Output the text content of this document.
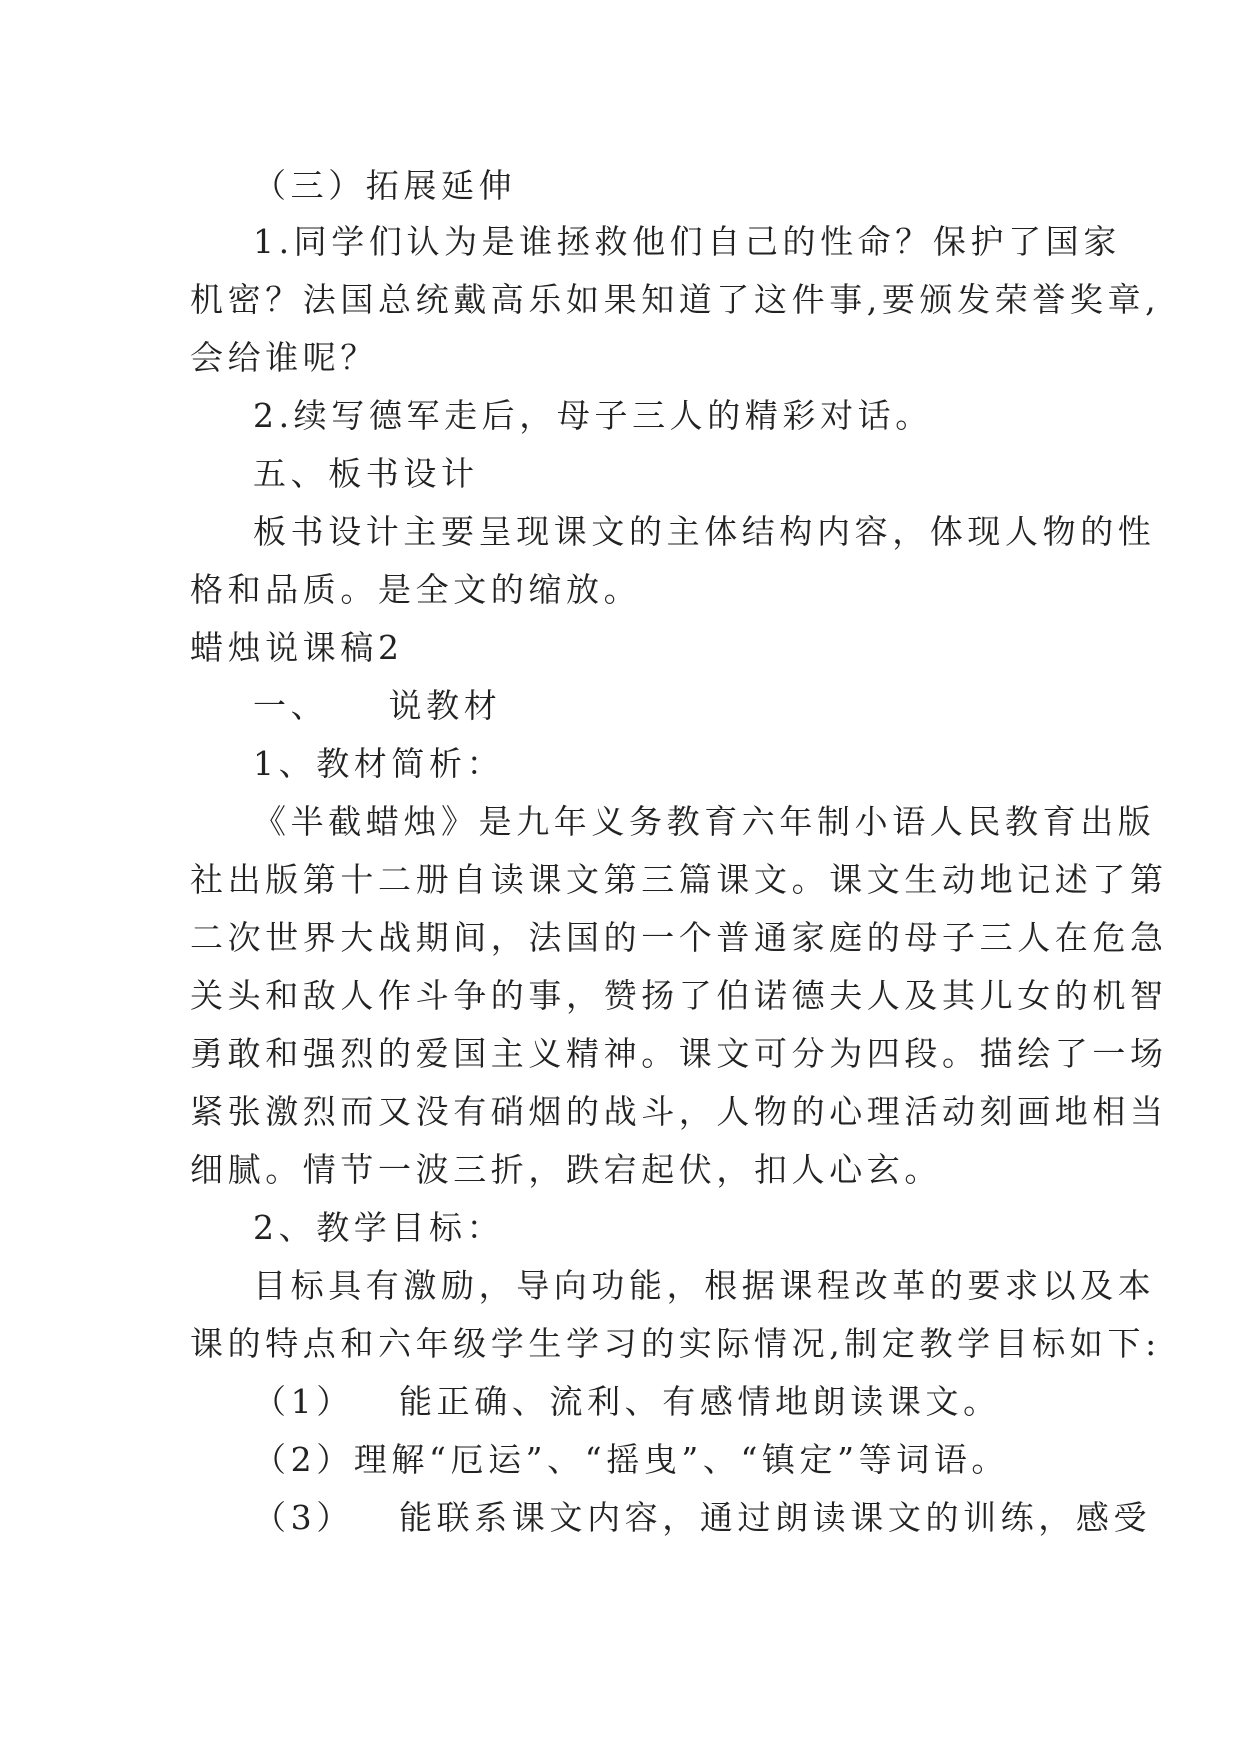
（三）拓展延伸
1.同学们认为是谁拯救他们自己的性命？保护了国家
机密？法国总统戴高乐如果知道了这件事,要颁发荣誉奖章,
会给谁呢？
2.续写德军走后，母子三人的精彩对话。
五、板书设计
板书设计主要呈现课文的主体结构内容，体现人物的性
格和品质。是全文的缩放。
蜡烛说课稿2
一、    说教材
1、教材简析：
《半截蜡烛》是九年义务教育六年制小语人民教育出版
社出版第十二册自读课文第三篇课文。课文生动地记述了第
二次世界大战期间，法国的一个普通家庭的母子三人在危急
关头和敌人作斗争的事，赞扬了伯诺德夫人及其儿女的机智
勇敢和强烈的爱国主义精神。课文可分为四段。描绘了一场
紧张激烈而又没有硝烟的战斗，人物的心理活动刻画地相当
细腻。情节一波三折，跌宕起伏，扣人心玄。
2、教学目标：
目标具有激励，导向功能，根据课程改革的要求以及本
课的特点和六年级学生学习的实际情况,制定教学目标如下:
（1）   能正确、流利、有感情地朗读课文。
（2）理解“厄运”、“摇曳”、“镇定”等词语。
（3）   能联系课文内容，通过朗读课文的训练，感受
